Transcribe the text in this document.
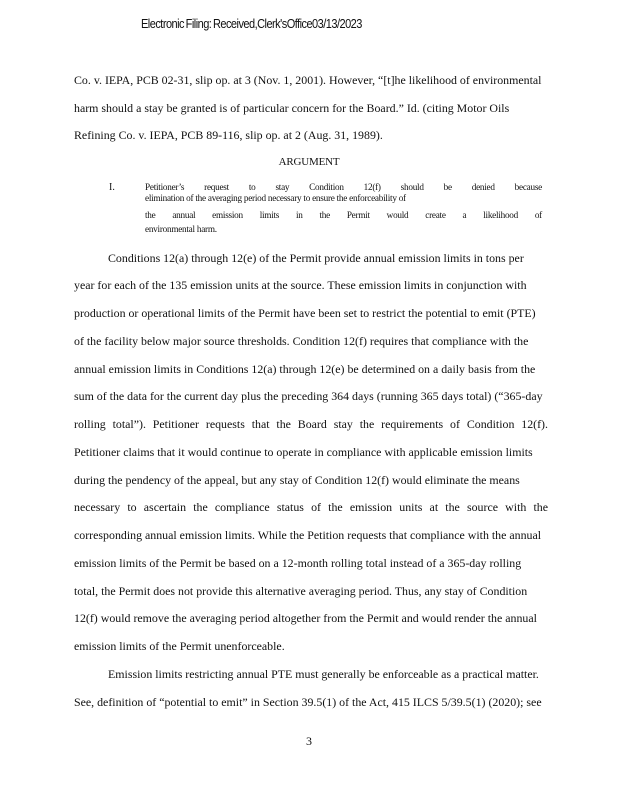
Electronic Filing: Received,Clerk'sOffice03/13/2023
Co. v. IEPA, PCB 02-31, slip op. at 3 (Nov. 1, 2001). However, “[t]he likelihood of environmental
harm should a stay be granted is of particular concern for the Board.” Id. (citing Motor Oils
Refining Co. v. IEPA, PCB 89-116, slip op. at 2 (Aug. 31, 1989).
ARGUMENT
I.	Petitioner’s request to stay Condition 12(f) should be denied because
elimination of the averaging period necessary to ensure the enforceability of
the annual emission limits in the Permit would create a likelihood of
environmental harm.
Conditions 12(a) through 12(e) of the Permit provide annual emission limits in tons per
year for each of the 135 emission units at the source. These emission limits in conjunction with
production or operational limits of the Permit have been set to restrict the potential to emit (PTE)
of the facility below major source thresholds. Condition 12(f) requires that compliance with the
annual emission limits in Conditions 12(a) through 12(e) be determined on a daily basis from the
sum of the data for the current day plus the preceding 364 days (running 365 days total) (“365-day
rolling total”). Petitioner requests that the Board stay the requirements of Condition 12(f).
Petitioner claims that it would continue to operate in compliance with applicable emission limits
during the pendency of the appeal, but any stay of Condition 12(f) would eliminate the means
necessary to ascertain the compliance status of the emission units at the source with the
corresponding annual emission limits. While the Petition requests that compliance with the annual
emission limits of the Permit be based on a 12-month rolling total instead of a 365-day rolling
total, the Permit does not provide this alternative averaging period. Thus, any stay of Condition
12(f) would remove the averaging period altogether from the Permit and would render the annual
emission limits of the Permit unenforceable.
Emission limits restricting annual PTE must generally be enforceable as a practical matter.
See, definition of “potential to emit” in Section 39.5(1) of the Act, 415 ILCS 5/39.5(1) (2020); see
3
